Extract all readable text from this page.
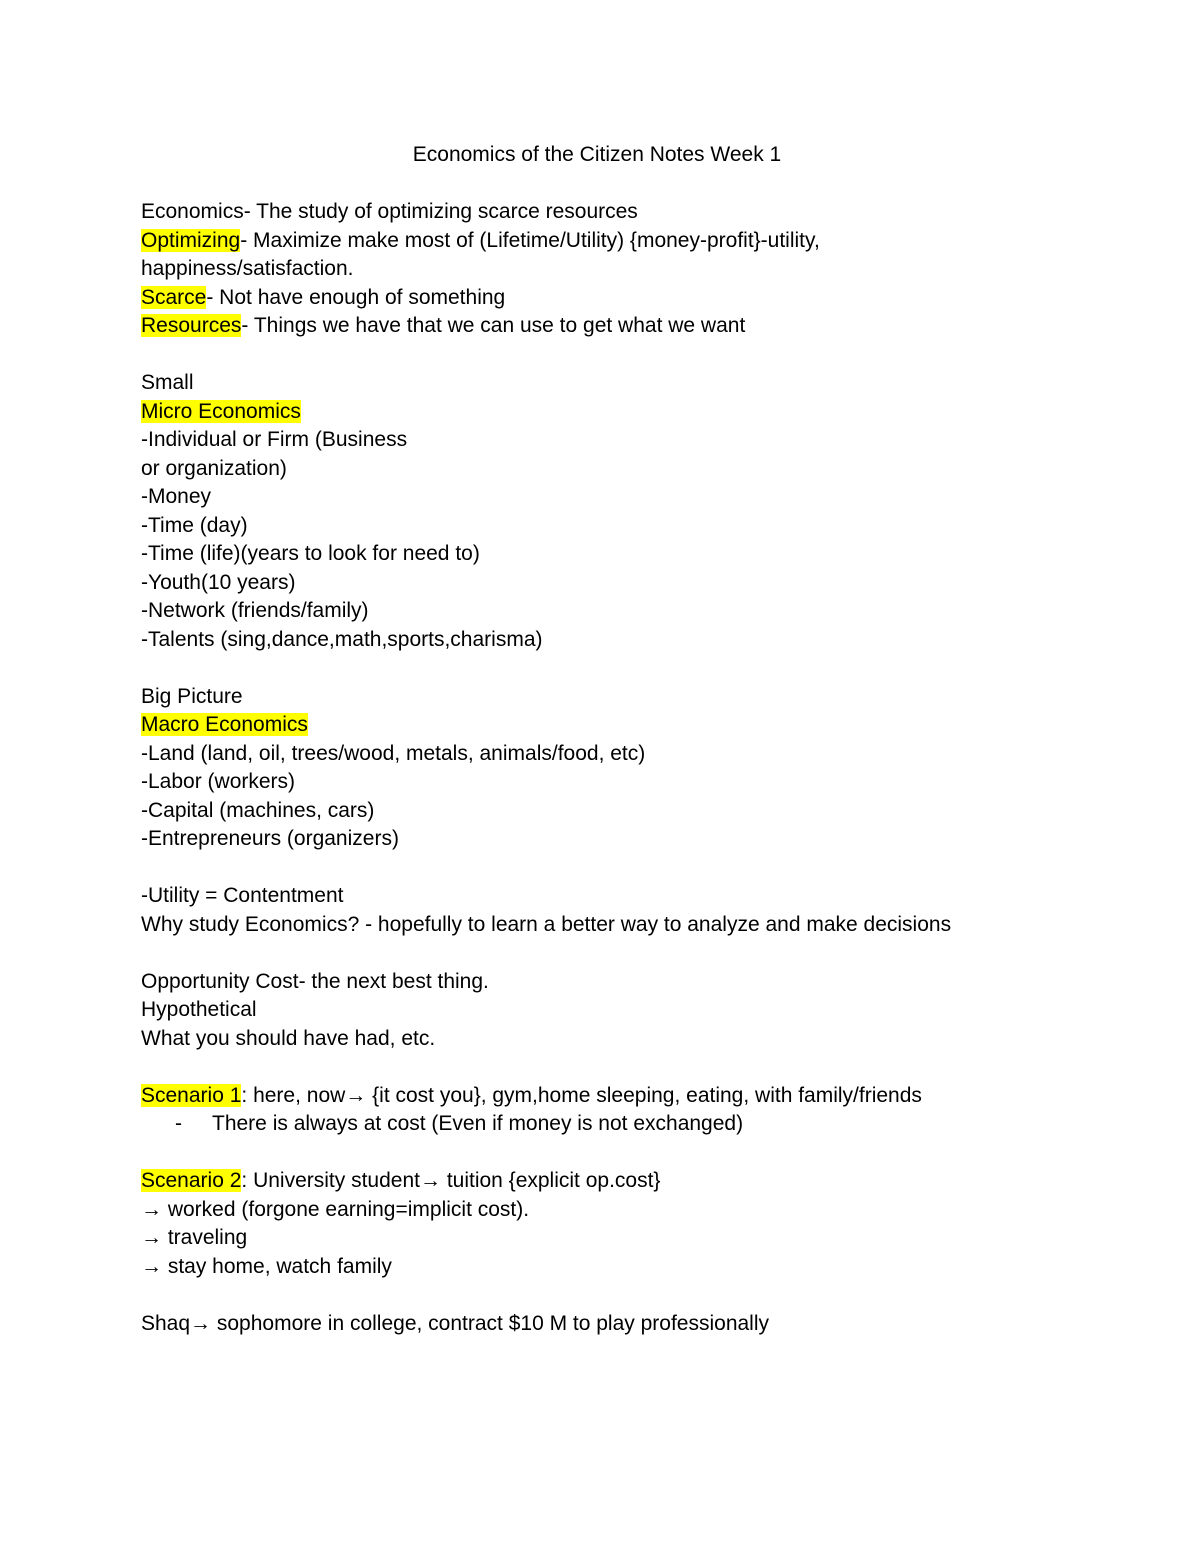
Economics of the Citizen Notes Week 1
Economics- The study of optimizing scarce resources
Optimizing- Maximize make most of (Lifetime/Utility) {money-profit}-utility,
happiness/satisfaction.
Scarce- Not have enough of something
Resources- Things we have that we can use to get what we want
Small
Micro Economics
-Individual or Firm (Business
or organization)
-Money
-Time (day)
-Time (life)(years to look for need to)
-Youth(10 years)
-Network (friends/family)
-Talents (sing,dance,math,sports,charisma)
Big Picture
Macro Economics
-Land (land, oil, trees/wood, metals, animals/food, etc)
-Labor (workers)
-Capital (machines, cars)
-Entrepreneurs (organizers)
-Utility = Contentment
Why study Economics? - hopefully to learn a better way to analyze and make decisions
Opportunity Cost- the next best thing.
Hypothetical
What you should have had, etc.
Scenario 1: here, now→ {it cost you}, gym,home sleeping, eating, with family/friends
- There is always at cost (Even if money is not exchanged)
Scenario 2: University student→ tuition {explicit op.cost}
→ worked (forgone earning=implicit cost).
→ traveling
→ stay home, watch family
Shaq→ sophomore in college, contract $10 M to play professionally
